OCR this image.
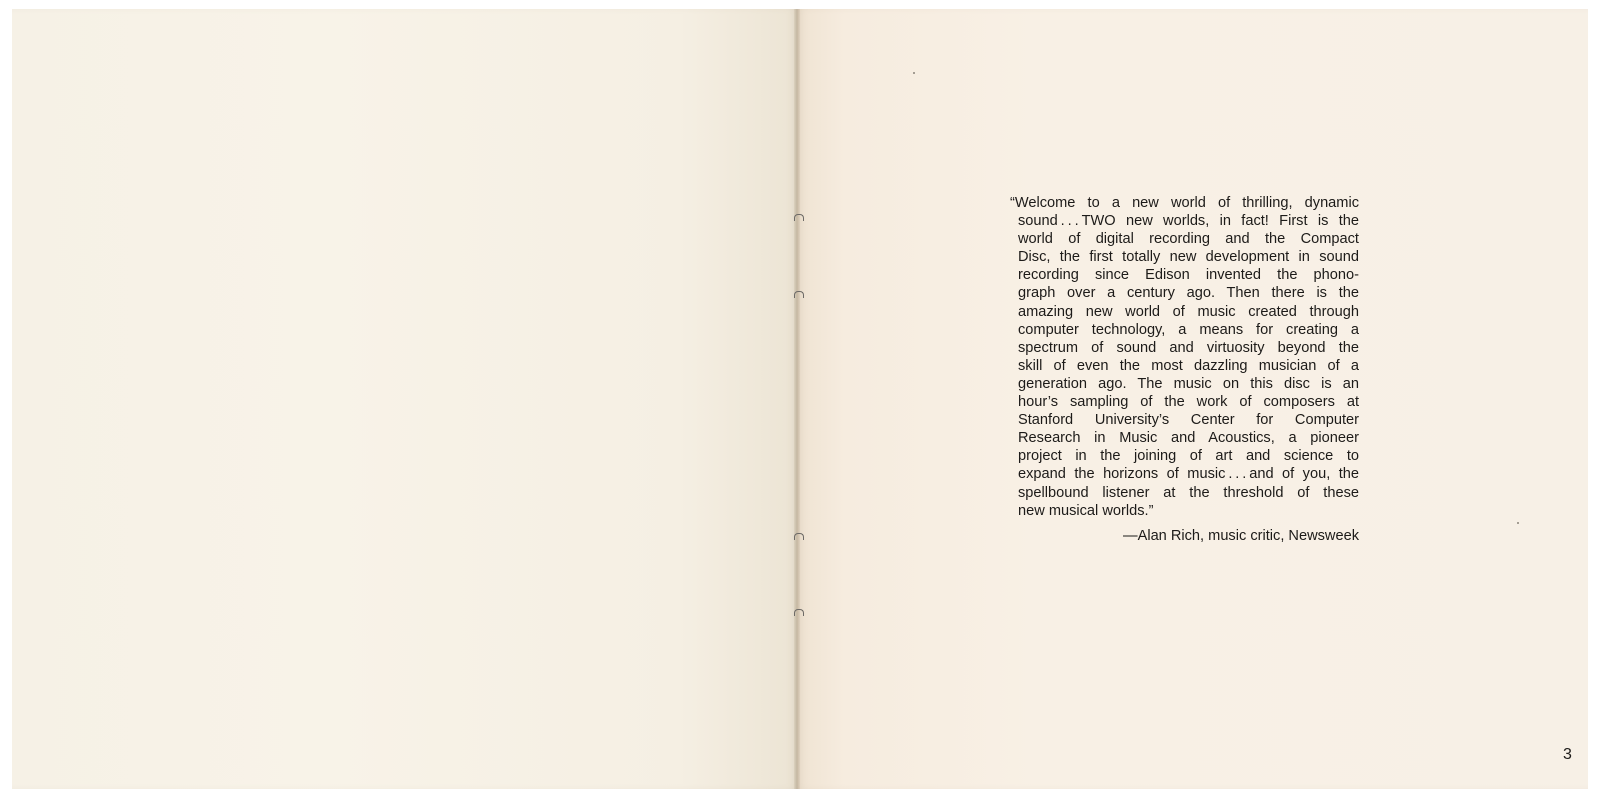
“Welcome to a new world of thrilling, dynamic
sound . . . TWO new worlds, in fact! First is the
world of digital recording and the Compact
Disc, the first totally new development in sound
recording since Edison invented the phono-
graph over a century ago. Then there is the
amazing new world of music created through
computer technology, a means for creating a
spectrum of sound and virtuosity beyond the
skill of even the most dazzling musician of a
generation ago. The music on this disc is an
hour’s sampling of the work of composers at
Stanford University’s Center for Computer
Research in Music and Acoustics, a pioneer
project in the joining of art and science to
expand the horizons of music . . . and of you, the
spellbound listener at the threshold of these
new musical worlds.”
—Alan Rich, music critic, Newsweek
3
